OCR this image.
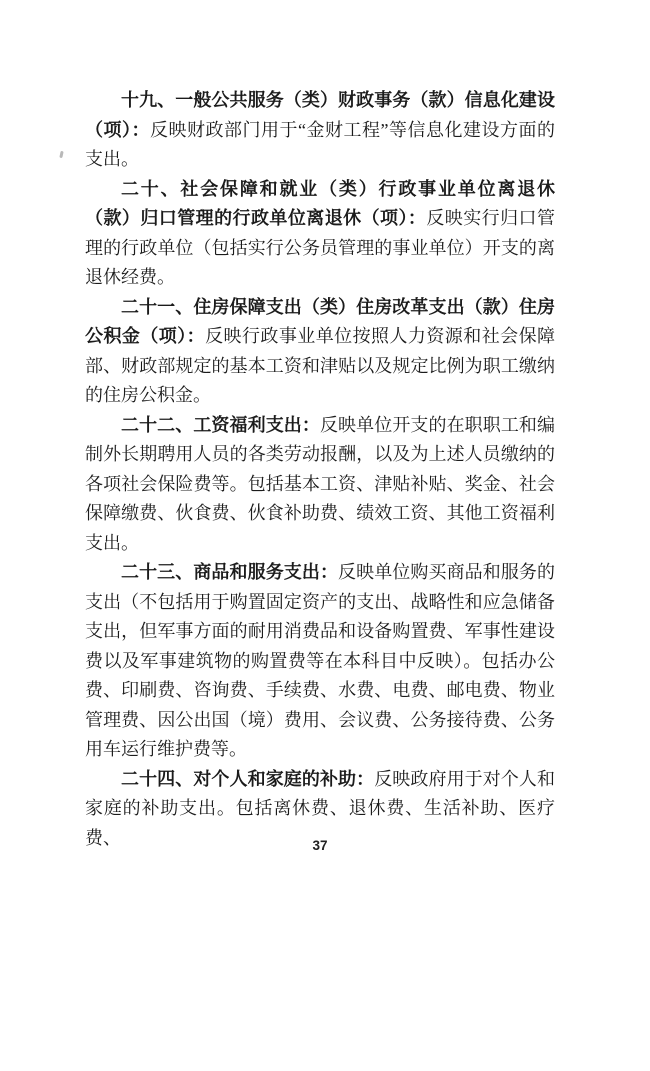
十九、一般公共服务（类）财政事务（款）信息化建设（项）：反映财政部门用于“金财工程”等信息化建设方面的支出。

二十、社会保障和就业（类）行政事业单位离退休（款）归口管理的行政单位离退休（项）：反映实行归口管理的行政单位（包括实行公务员管理的事业单位）开支的离退休经费。

二十一、住房保障支出（类）住房改革支出（款）住房公积金（项）：反映行政事业单位按照人力资源和社会保障部、财政部规定的基本工资和津贴以及规定比例为职工缴纳的住房公积金。

二十二、工资福利支出：反映单位开支的在职职工和编制外长期聘用人员的各类劳动报酬，以及为上述人员缴纳的各项社会保险费等。包括基本工资、津贴补贴、奖金、社会保障缴费、伙食费、伙食补助费、绩效工资、其他工资福利支出。

二十三、商品和服务支出：反映单位购买商品和服务的支出（不包括用于购置固定资产的支出、战略性和应急储备支出，但军事方面的耐用消费品和设备购置费、军事性建设费以及军事建筑物的购置费等在本科目中反映）。包括办公费、印刷费、咨询费、手续费、水费、电费、邮电费、物业管理费、因公出国（境）费用、会议费、公务接待费、公务用车运行维护费等。

二十四、对个人和家庭的补助：反映政府用于对个人和家庭的补助支出。包括离休费、退休费、生活补助、医疗费、	37
